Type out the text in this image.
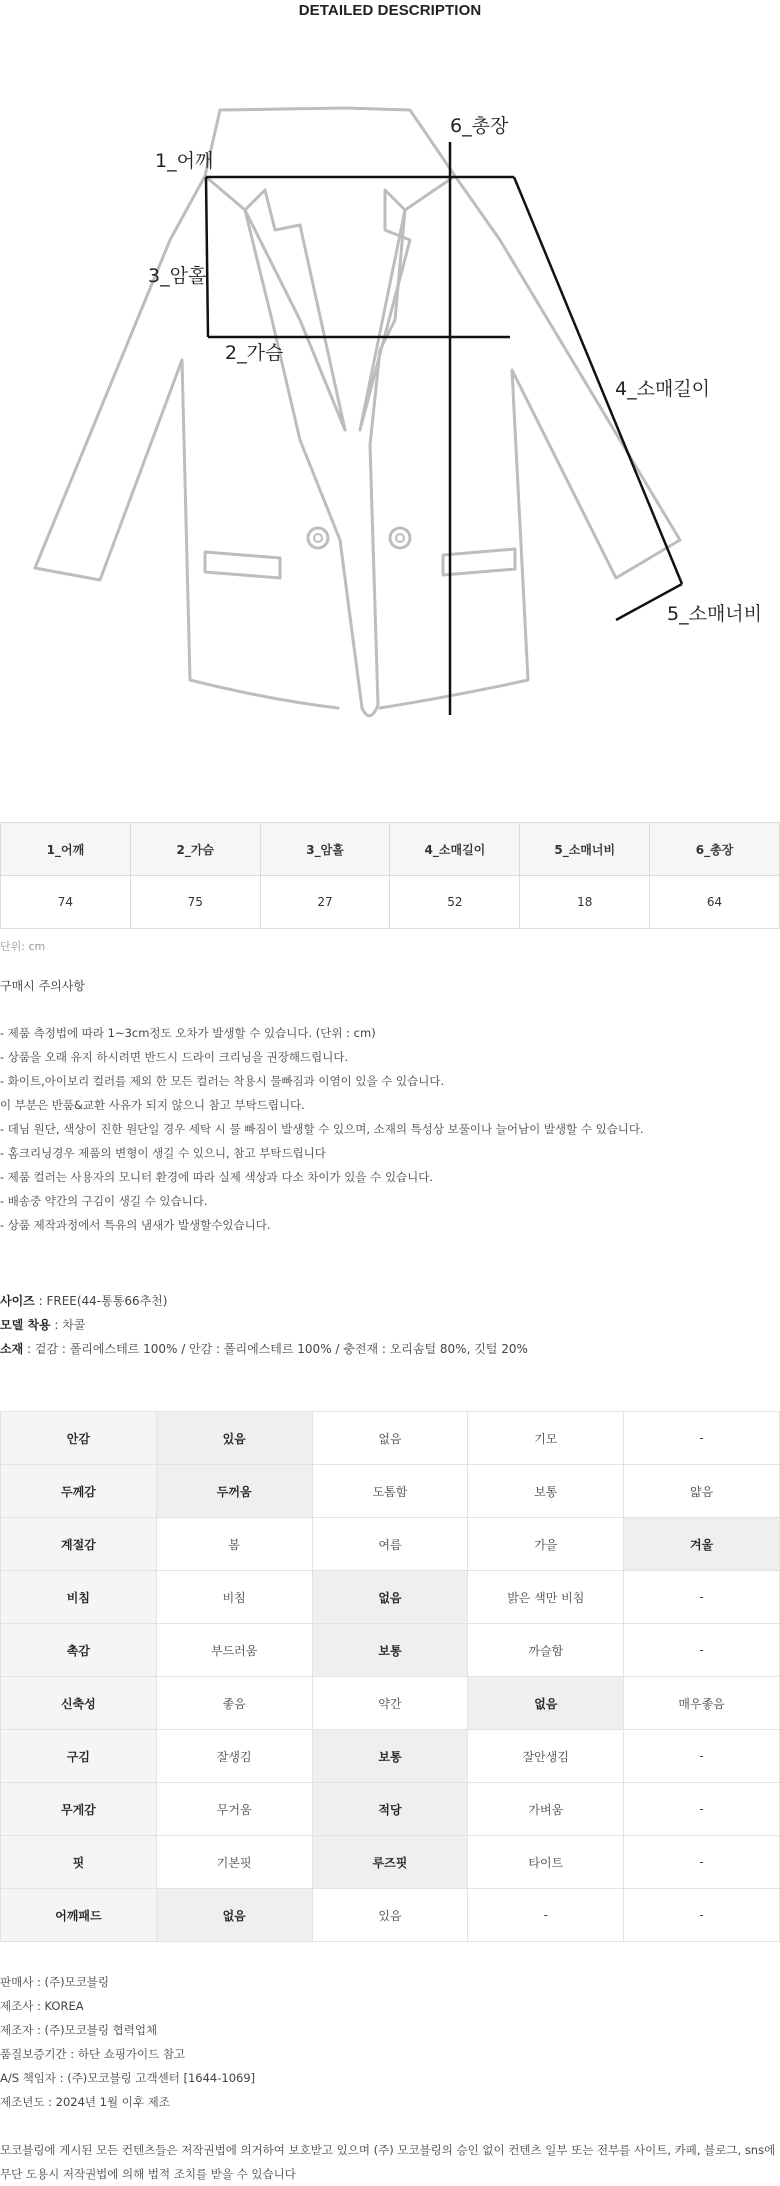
DETAILED DESCRIPTION
1_어깨
2_가슴
3_암홀
4_소매길이
5_소매너비
6_총장
1_어깨	2_가슴	3_암홀	4_소매길이	5_소매너비	6_총장
74	75	27	52	18	64
단위: cm
구매시 주의사항
- 제품 측정법에 따라 1~3cm정도 오차가 발생할 수 있습니다. (단위 : cm)
- 상품을 오래 유지 하시려면 반드시 드라이 크리닝을 권장해드립니다.
- 화이트,아이보리 컬러를 제외 한 모든 컬러는 착용시 물빠짐과 이염이 있을 수 있습니다.
이 부분은 반품&교환 사유가 되지 않으니 참고 부탁드립니다.
- 데님 원단, 색상이 진한 원단일 경우 세탁 시 물 빠짐이 발생할 수 있으며, 소재의 특성상 보풀이나 늘어남이 발생할 수 있습니다.
- 홈크리닝경우 제품의 변형이 생길 수 있으니, 참고 부탁드립니다
- 제품 컬러는 사용자의 모니터 환경에 따라 실제 색상과 다소 차이가 있을 수 있습니다.
- 배송중 약간의 구김이 생길 수 있습니다.
- 상품 제작과정에서 특유의 냄새가 발생할수있습니다.
사이즈 : FREE(44-통통66추천)
모델 착용 : 차콜
소재 : 겉감 : 폴리에스테르 100% / 안감 : 폴리에스테르 100% / 충전재 : 오리솜털 80%, 깃털 20%
안감	있음	없음	기모	-
두께감	두꺼움	도톰함	보통	얇음
계절감	봄	여름	가을	겨울
비침	비침	없음	밝은 색만 비침	-
촉감	부드러움	보통	까슬함	-
신축성	좋음	약간	없음	매우좋음
구김	잘생김	보통	잘안생김	-
무게감	무거움	적당	가벼움	-
핏	기본핏	루즈핏	타이트	-
어깨패드	없음	있음	-	-
판매사 : (주)모코블링
제조사 : KOREA
제조자 : (주)모코블링 협력업체
품질보증기간 : 하단 쇼핑가이드 참고
A/S 책임자 : (주)모코블링 고객센터 [1644-1069]
제조년도 : 2024년 1월 이후 제조
모코블링에 게시된 모든 컨텐츠들은 저작권법에 의거하여 보호받고 있으며 (주) 모코블링의 승인 없이 컨텐츠 일부 또는 전부를 사이트, 카페, 블로그, sns에
무단 도용시 저작권법에 의해 법적 조치를 받을 수 있습니다
